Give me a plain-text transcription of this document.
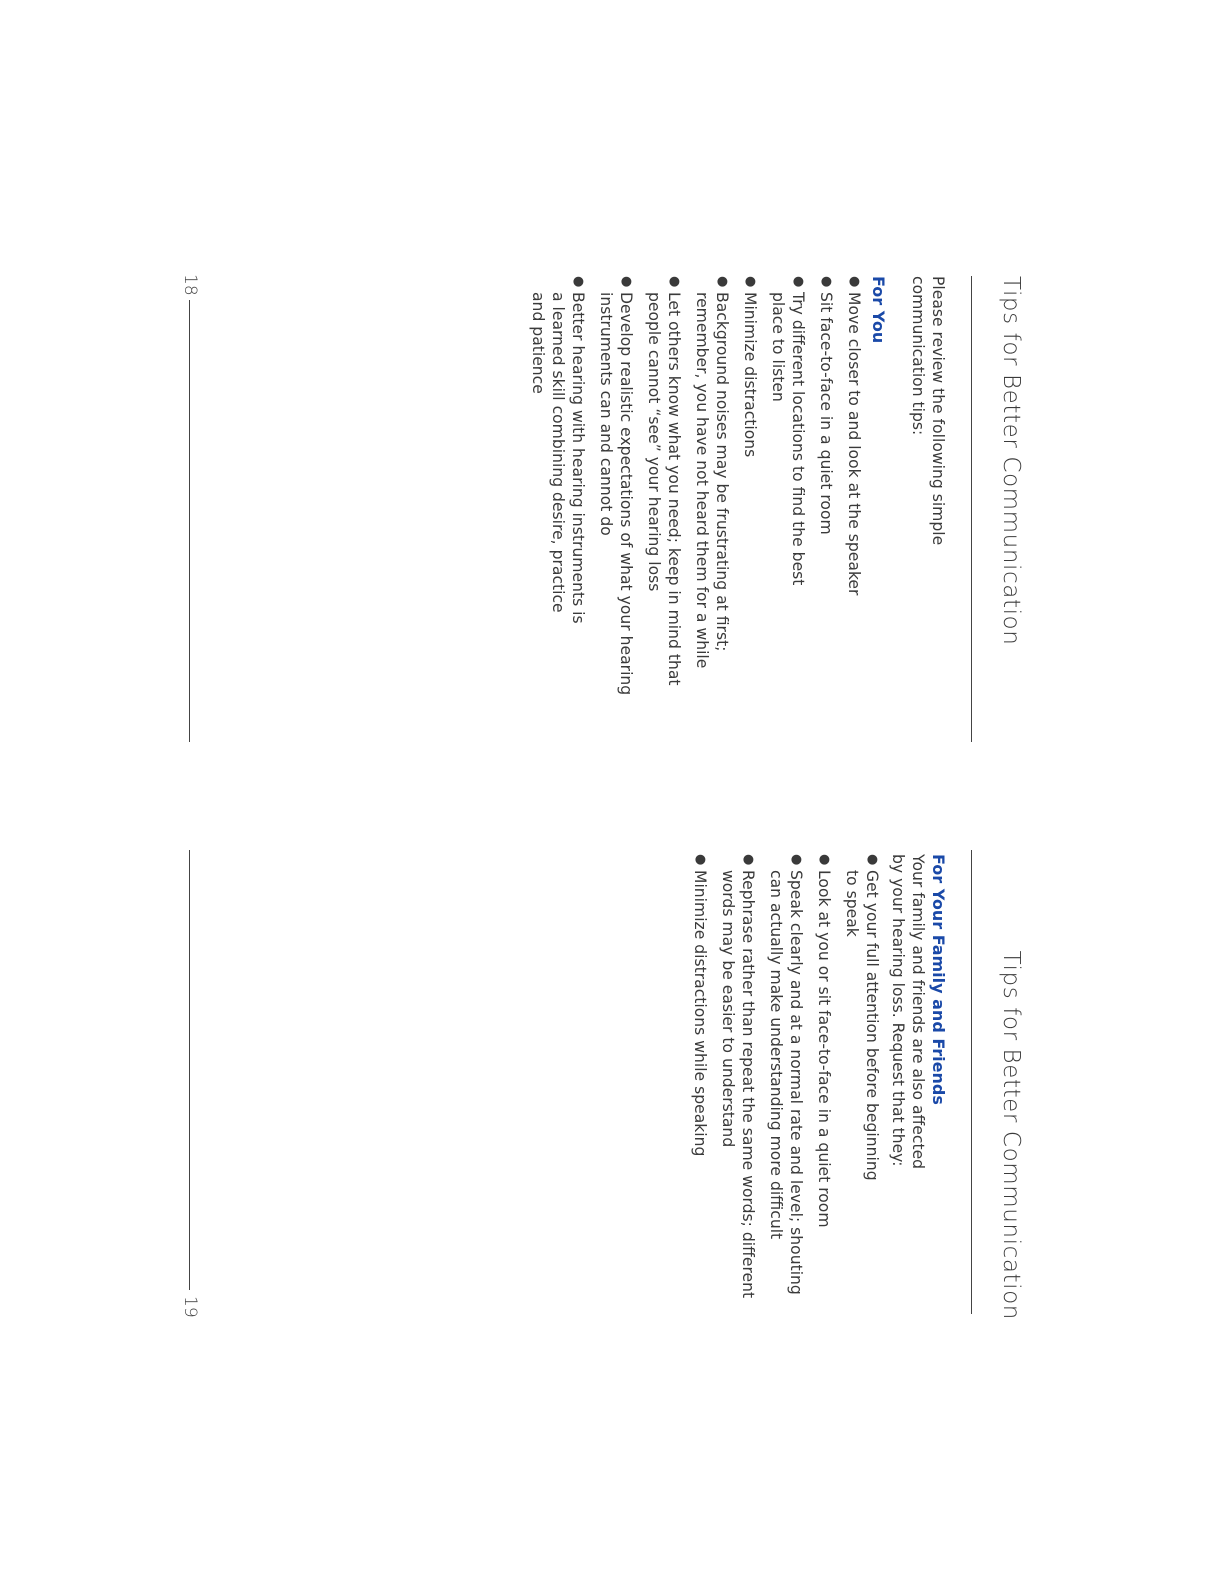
Tips for Better Communication

Please review the following simple communication tips:

For You
●
Move closer to and look at the speaker
●
Sit face-to-face in a quiet room
●
Try different locations to find the best place to listen
●
Minimize distractions
●
Background noises may be frustrating at first; remember, you have not heard them for a while
●
Let others know what you need; keep in mind that people cannot “see” your hearing loss
●
Develop realistic expectations of what your hearing instruments can and cannot do
●
Better hearing with hearing instruments is a learned skill combining desire, practice and patience
18
Tips for Better Communication
For Your Family and Friends

Your family and friends are also affected by your hearing loss. Request that they:

●
Get your full attention before beginning to speak
●
Look at you or sit face-to-face in a quiet room
●
Speak clearly and at a normal rate and level; shouting can actually make understanding more difficult
●
Rephrase rather than repeat the same words; different words may be easier to understand
●
Minimize distractions while speaking
19
